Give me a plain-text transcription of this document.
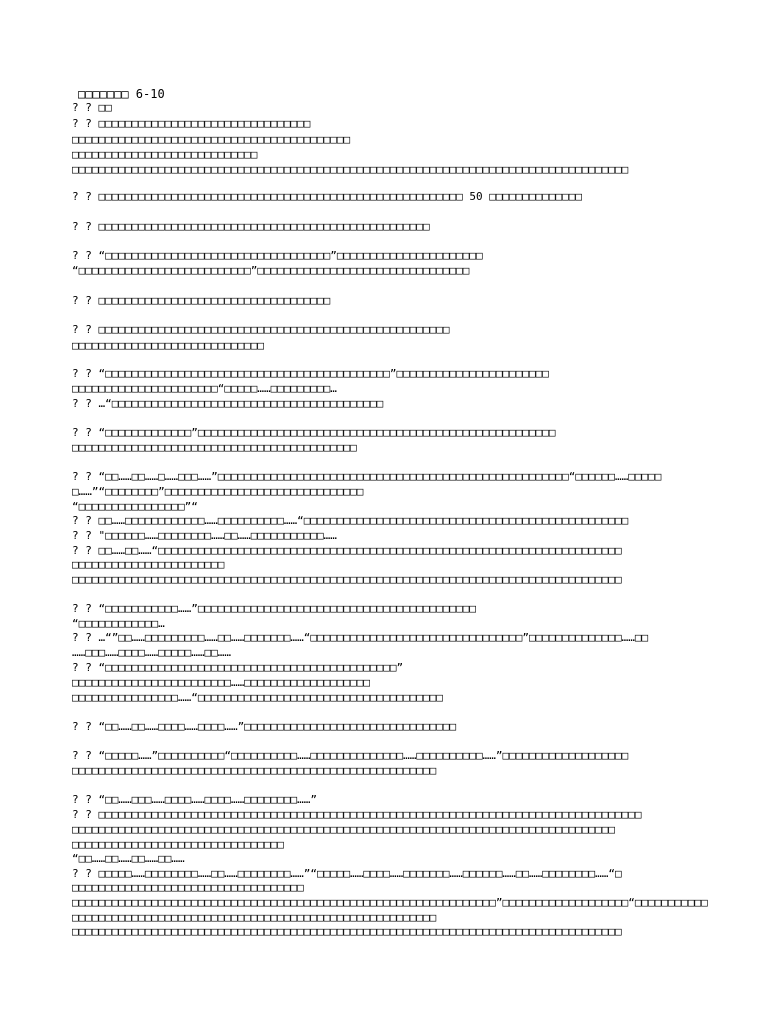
□□□□□□□ 6-10
? ? □□
? ? □□□□□□□□□□□□□□□□□□□□□□□□□□□□□□□□
□□□□□□□□□□□□□□□□□□□□□□□□□□□□□□□□□□□□□□□□□□
□□□□□□□□□□□□□□□□□□□□□□□□□□□□
□□□□□□□□□□□□□□□□□□□□□□□□□□□□□□□□□□□□□□□□□□□□□□□□□□□□□□□□□□□□□□□□□□□□□□□□□□□□□□□□□□□□
? ? □□□□□□□□□□□□□□□□□□□□□□□□□□□□□□□□□□□□□□□□□□□□□□□□□□□□□□□ 50 □□□□□□□□□□□□□□
? ? □□□□□□□□□□□□□□□□□□□□□□□□□□□□□□□□□□□□□□□□□□□□□□□□□□
? ? “□□□□□□□□□□□□□□□□□□□□□□□□□□□□□□□□□□”□□□□□□□□□□□□□□□□□□□□□□
“□□□□□□□□□□□□□□□□□□□□□□□□□□”□□□□□□□□□□□□□□□□□□□□□□□□□□□□□□□□
? ? □□□□□□□□□□□□□□□□□□□□□□□□□□□□□□□□□□□
? ? □□□□□□□□□□□□□□□□□□□□□□□□□□□□□□□□□□□□□□□□□□□□□□□□□□□□□
□□□□□□□□□□□□□□□□□□□□□□□□□□□□□
? ? “□□□□□□□□□□□□□□□□□□□□□□□□□□□□□□□□□□□□□□□□□□□”□□□□□□□□□□□□□□□□□□□□□□□
□□□□□□□□□□□□□□□□□□□□□□“□□□□□……□□□□□□□□□…
? ? …“□□□□□□□□□□□□□□□□□□□□□□□□□□□□□□□□□□□□□□□□□
? ? “□□□□□□□□□□□□□”□□□□□□□□□□□□□□□□□□□□□□□□□□□□□□□□□□□□□□□□□□□□□□□□□□□□□□
□□□□□□□□□□□□□□□□□□□□□□□□□□□□□□□□□□□□□□□□□□□
? ? “□□……□□……□……□□□……”□□□□□□□□□□□□□□□□□□□□□□□□□□□□□□□□□□□□□□□□□□□□□□□□□□□□□“□□□□□□……□□□□□
□……”“□□□□□□□□”□□□□□□□□□□□□□□□□□□□□□□□□□□□□□□
“□□□□□□□□□□□□□□□□”“
? ? □□……□□□□□□□□□□□□……□□□□□□□□□□……“□□□□□□□□□□□□□□□□□□□□□□□□□□□□□□□□□□□□□□□□□□□□□□□□□
? ? "□□□□□□……□□□□□□□□……□□……□□□□□□□□□□□……
? ? □□……□□……“□□□□□□□□□□□□□□□□□□□□□□□□□□□□□□□□□□□□□□□□□□□□□□□□□□□□□□□□□□□□□□□□□□□□□□
□□□□□□□□□□□□□□□□□□□□□□□
□□□□□□□□□□□□□□□□□□□□□□□□□□□□□□□□□□□□□□□□□□□□□□□□□□□□□□□□□□□□□□□□□□□□□□□□□□□□□□□□□□□
? ? “□□□□□□□□□□□……”□□□□□□□□□□□□□□□□□□□□□□□□□□□□□□□□□□□□□□□□□□
“□□□□□□□□□□□□…
? ? …“”□□……□□□□□□□□□……□□……□□□□□□□……“□□□□□□□□□□□□□□□□□□□□□□□□□□□□□□□□”□□□□□□□□□□□□□□……□□
……□□□……□□□□……□□□□□……□□……
? ? “□□□□□□□□□□□□□□□□□□□□□□□□□□□□□□□□□□□□□□□□□□□□”
□□□□□□□□□□□□□□□□□□□□□□□□……□□□□□□□□□□□□□□□□□□□
□□□□□□□□□□□□□□□□……“□□□□□□□□□□□□□□□□□□□□□□□□□□□□□□□□□□□□□
? ? “□□……□□……□□□□……□□□□……”□□□□□□□□□□□□□□□□□□□□□□□□□□□□□□□□
? ? “□□□□□……”□□□□□□□□□□“□□□□□□□□□□……□□□□□□□□□□□□□□……□□□□□□□□□□……”□□□□□□□□□□□□□□□□□□□
□□□□□□□□□□□□□□□□□□□□□□□□□□□□□□□□□□□□□□□□□□□□□□□□□□□□□□□
? ? “□□……□□□……□□□□……□□□□……□□□□□□□□……”
? ? □□□□□□□□□□□□□□□□□□□□□□□□□□□□□□□□□□□□□□□□□□□□□□□□□□□□□□□□□□□□□□□□□□□□□□□□□□□□□□□□□□
□□□□□□□□□□□□□□□□□□□□□□□□□□□□□□□□□□□□□□□□□□□□□□□□□□□□□□□□□□□□□□□□□□□□□□□□□□□□□□□□□□
□□□□□□□□□□□□□□□□□□□□□□□□□□□□□□□□
“□□……□□……□□……□□……
? ? □□□□□……□□□□□□□□……□□……□□□□□□□□……”“□□□□□……□□□□……□□□□□□□……□□□□□□……□□……□□□□□□□□……“□
□□□□□□□□□□□□□□□□□□□□□□□□□□□□□□□□□□□
□□□□□□□□□□□□□□□□□□□□□□□□□□□□□□□□□□□□□□□□□□□□□□□□□□□□□□□□□□□□□□□□”□□□□□□□□□□□□□□□□□□□“□□□□□□□□□□□
□□□□□□□□□□□□□□□□□□□□□□□□□□□□□□□□□□□□□□□□□□□□□□□□□□□□□□□
□□□□□□□□□□□□□□□□□□□□□□□□□□□□□□□□□□□□□□□□□□□□□□□□□□□□□□□□□□□□□□□□□□□□□□□□□□□□□□□□□□□
